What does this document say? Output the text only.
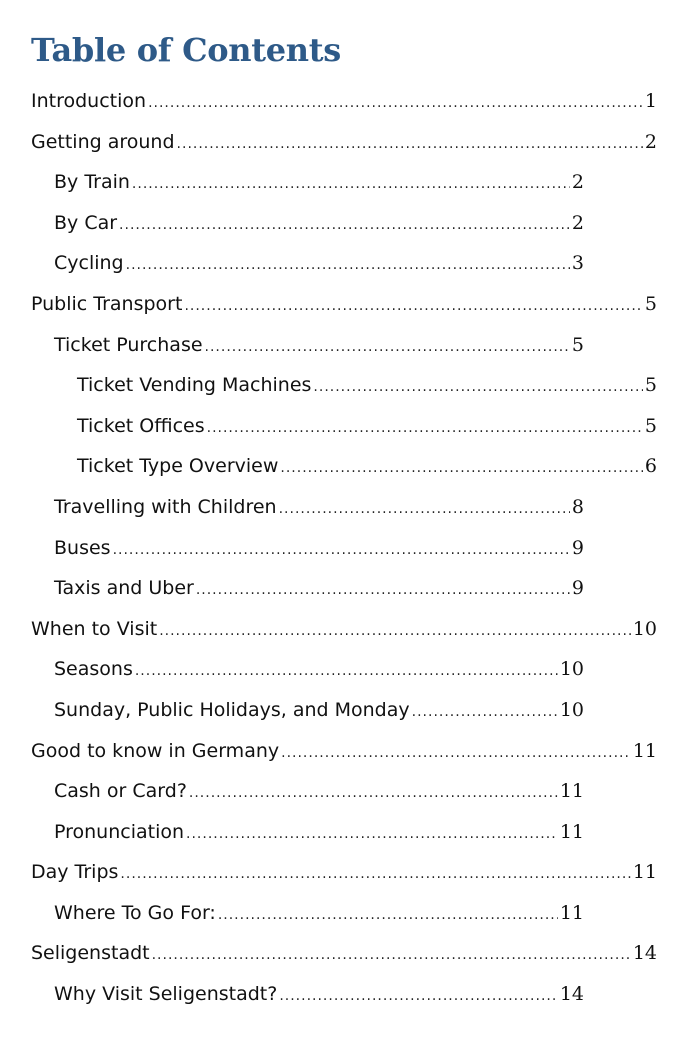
Table of Contents
Introduction .....	1
Getting around .....	2
By Train .....	2
By Car .....	2
Cycling .....	3
Public Transport .....	5
Ticket Purchase .....	5
Ticket Vending Machines .....	5
Ticket Offices .....	5
Ticket Type Overview .....	6
Travelling with Children .....	8
Buses .....	9
Taxis and Uber .....	9
When to Visit .....	10
Seasons .....	10
Sunday, Public Holidays, and Monday .....	10
Good to know in Germany .....	11
Cash or Card? .....	11
Pronunciation .....	11
Day Trips .....	11
Where To Go For: .....	11
Seligenstadt .....	14
Why Visit Seligenstadt? .....	14
